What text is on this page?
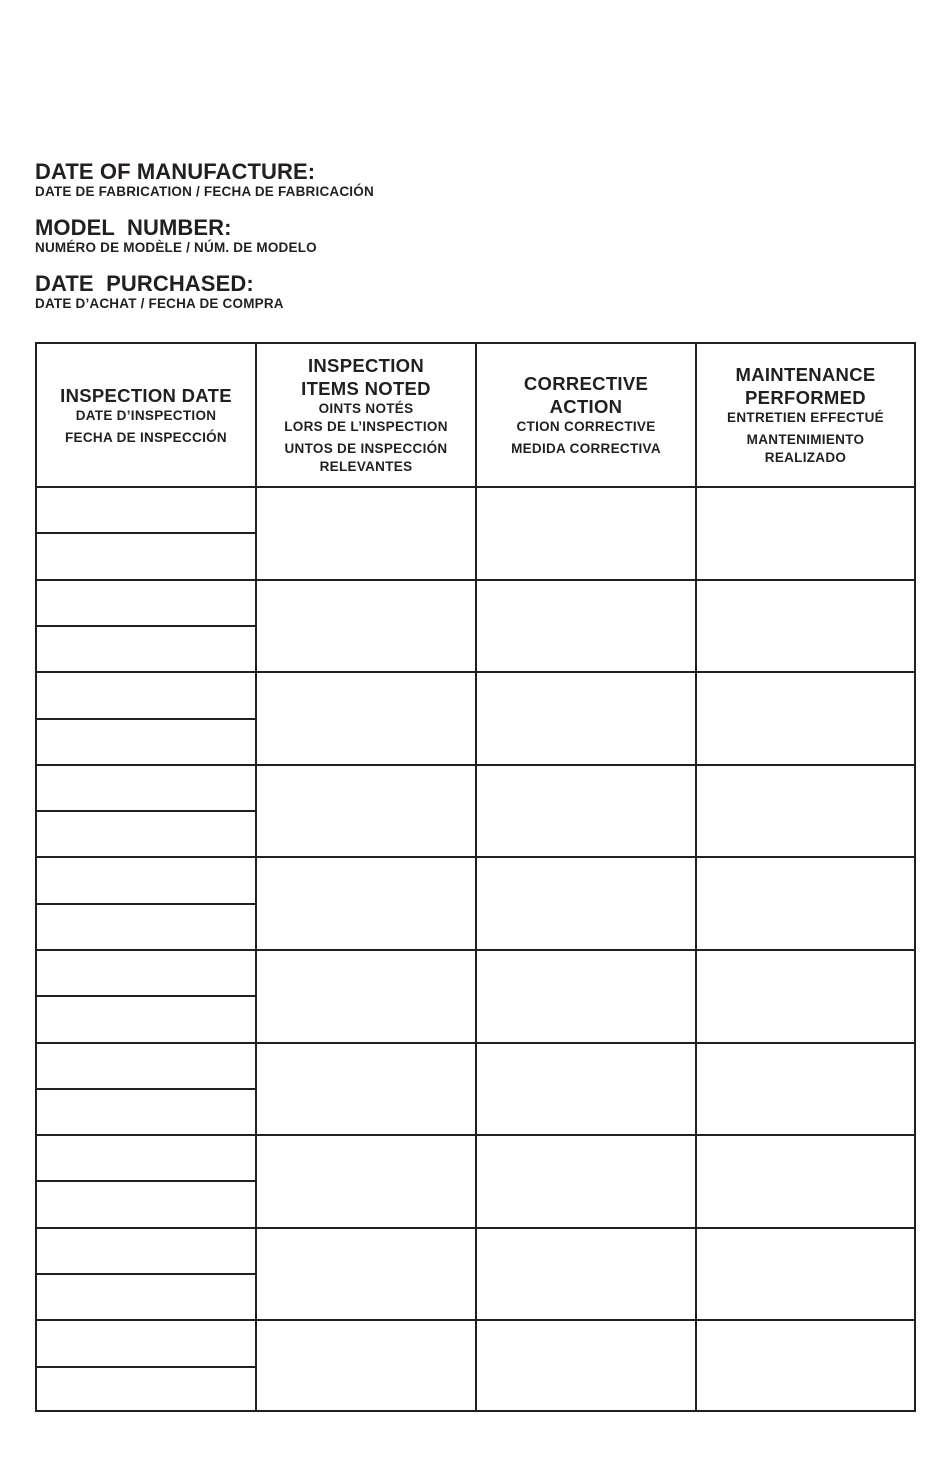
DATE OF MANUFACTURE:
DATE DE FABRICATION / FECHA DE FABRICACIÓN
MODEL  NUMBER:
NUMÉRO DE MODÈLE / NÚM. DE MODELO
DATE  PURCHASED:
DATE D’ACHAT / FECHA DE COMPRA
INSPECTION DATE
DATE D’INSPECTION
FECHA DE INSPECCIÓN
INSPECTION
ITEMS NOTED
OINTS NOTÉS
LORS DE L’INSPECTION
UNTOS DE INSPECCIÓN
RELEVANTES
CORRECTIVE
ACTION
CTION CORRECTIVE
MEDIDA CORRECTIVA
MAINTENANCE
PERFORMED
ENTRETIEN EFFECTUÉ
MANTENIMIENTO
REALIZADO
